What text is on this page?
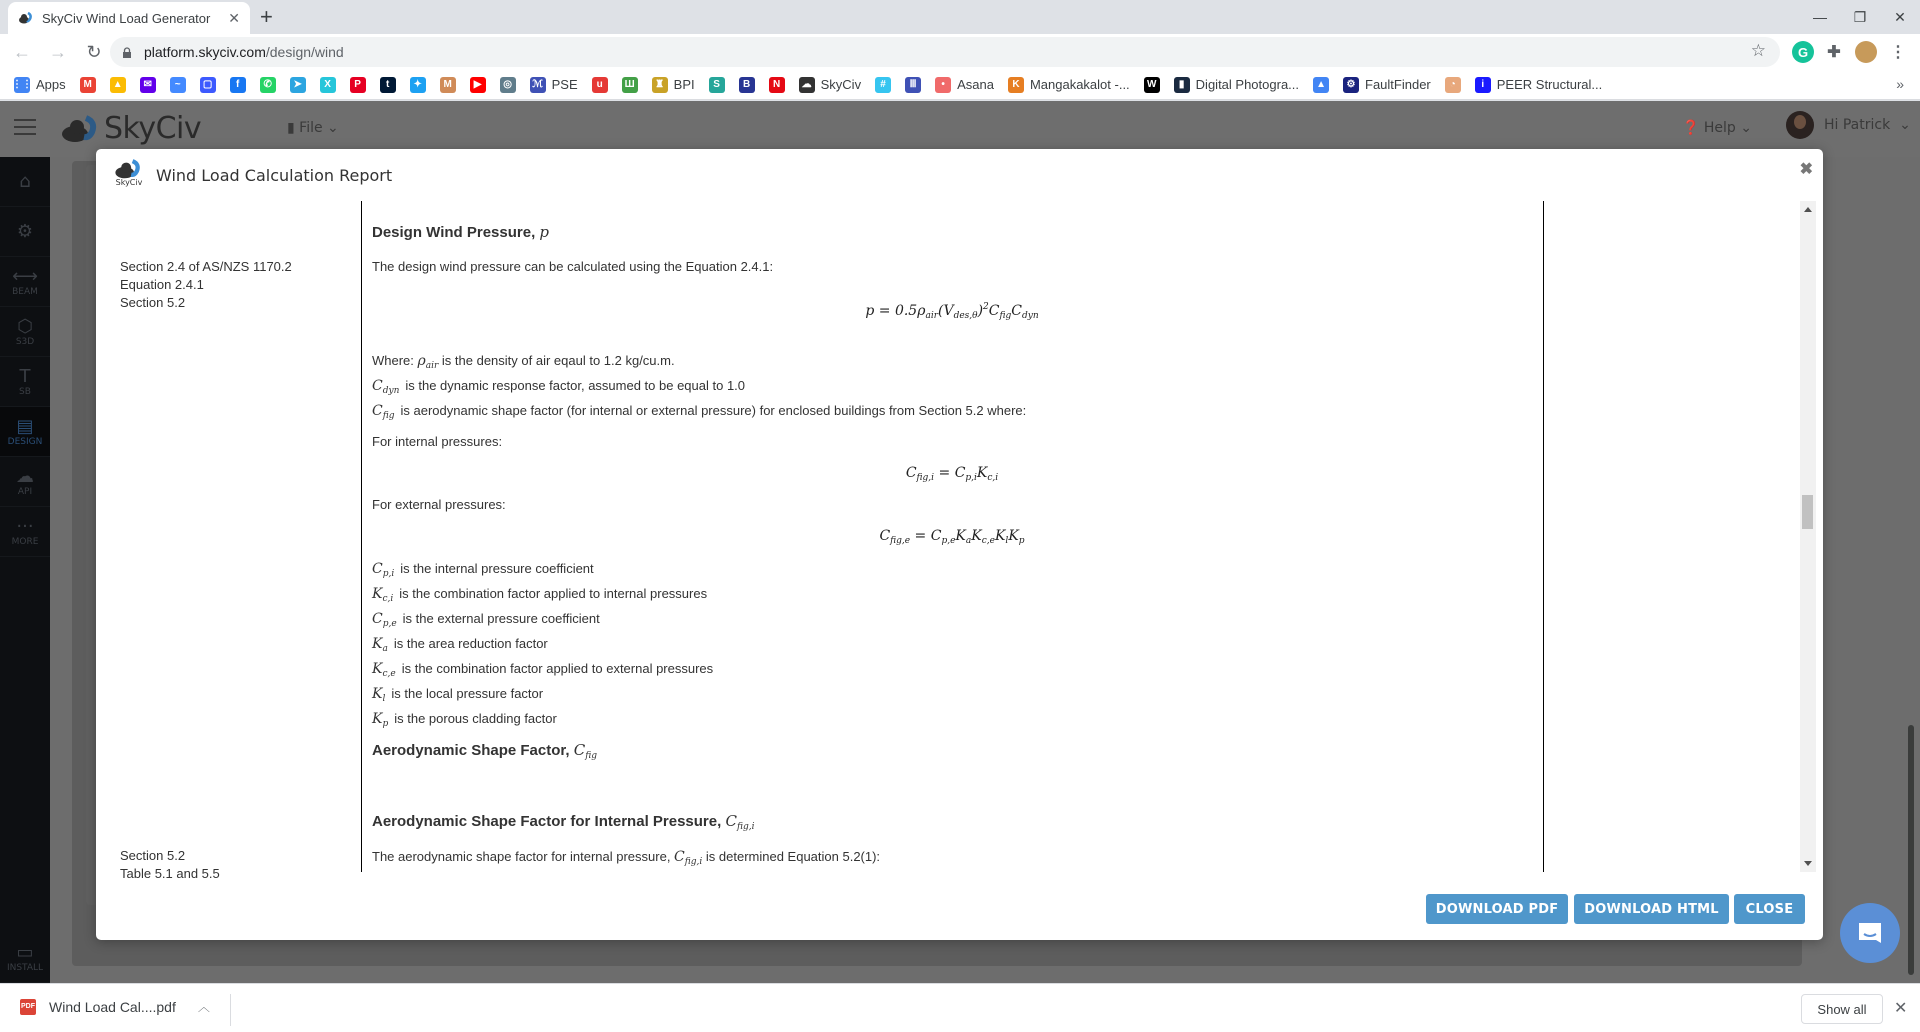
SkyCiv Wind Load Generator	✕ +	—	❐	✕
← →	↻	platform.skyciv.com /design/wind	☆	G	✚	⋮
⋮⋮ Apps	M	▲	✉	~	▢	f	✆	➤	X	P	t	✦	M	▶	◎	ℳ PSE	u	Ш	♜ BPI	S	B	N	☁ SkyCiv	#	Ⅲ	• Asana	K Mangakakalot -...	W	▮ Digital Photogra...	▲	⚙ FaultFinder	◔	i PEER Structural...	»
SkyCiv	▮ File ⌄	❓ Help ⌄	Hi Patrick ⌄
⌂
⚙
⟷
BEAM
⬡
S3D
T
SB
▤
DESIGN
☁
API
···
MORE
▭
INSTALL
SkyCiv Wind Load Calculation Report	✖
Section 2.4 of AS/NZS 1170.2
Equation 2.4.1
Section 5.2
Section 5.2
Table 5.1 and 5.5
Design Wind Pressure, p
The design wind pressure can be calculated using the Equation 2.4.1:
$p = 0.5\rho_{air}(V_{des,\theta})^2C_{fig}C_{dyn}$
Where: $\rho_{air}$ is the density of air eqaul to 1.2 kg/cu.m.
$C_{dyn}$ is the dynamic response factor, assumed to be equal to 1.0
$C_{fig}$ is aerodynamic shape factor (for internal or external pressure) for enclosed buildings from Section 5.2 where:
For internal pressures:
$C_{fig,i} = C_{p,i}K_{c,i}$
For external pressures:
$C_{fig,e} = C_{p,e}K_aK_{c,e}K_lK_p$
$C_{p,i}$ is the internal pressure coefficient
$K_{c,i}$ is the combination factor applied to internal pressures
$C_{p,e}$ is the external pressure coefficient
$K_a$ is the area reduction factor
$K_{c,e}$ is the combination factor applied to external pressures
$K_l$ is the local pressure factor
$K_p$ is the porous cladding factor
Aerodynamic Shape Factor, $C_{fig}$
Aerodynamic Shape Factor for Internal Pressure, $C_{fig,i}$
The aerodynamic shape factor for internal pressure, $C_{fig,i}$ is determined Equation 5.2(1):
DOWNLOAD PDF	DOWNLOAD HTML	CLOSE
PDF Wind Load Cal....pdf ︿	Show all	✕
